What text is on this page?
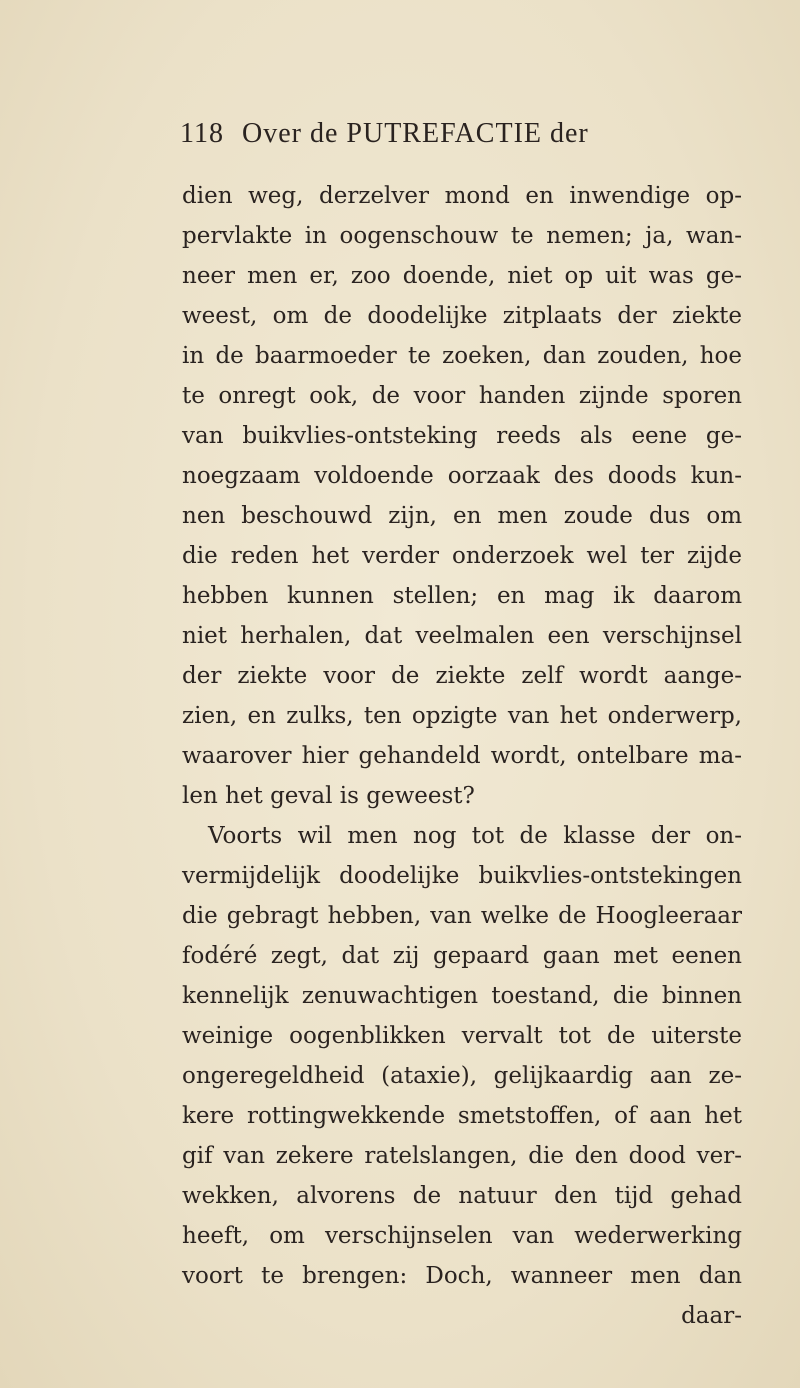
118 Over de PUTREFACTIE der
dien weg, derzelver mond en inwendige op-
pervlakte in oogenschouw te nemen; ja, wan-
neer men er, zoo doende, niet op uit was ge-
weest, om de doodelijke zitplaats der ziekte
in de baarmoeder te zoeken, dan zouden, hoe
te onregt ook, de voor handen zijnde sporen
van buikvlies-ontsteking reeds als eene ge-
noegzaam voldoende oorzaak des doods kun-
nen beschouwd zijn, en men zoude dus om
die reden het verder onderzoek wel ter zijde
hebben kunnen stellen; en mag ik daarom
niet herhalen, dat veelmalen een verschijnsel
der ziekte voor de ziekte zelf wordt aange-
zien, en zulks, ten opzigte van het onderwerp,
waarover hier gehandeld wordt, ontelbare ma-
len het geval is geweest?
Voorts wil men nog tot de klasse der on-
vermijdelijk doodelijke buikvlies-ontstekingen
die gebragt hebben, van welke de Hoogleeraar
fodéré zegt, dat zij gepaard gaan met eenen
kennelijk zenuwachtigen toestand, die binnen
weinige oogenblikken vervalt tot de uiterste
ongeregeldheid (ataxie), gelijkaardig aan ze-
kere rottingwekkende smetstoffen, of aan het
gif van zekere ratelslangen, die den dood ver-
wekken, alvorens de natuur den tijd gehad
heeft, om verschijnselen van wederwerking
voort te brengen: Doch, wanneer men dan
daar-
